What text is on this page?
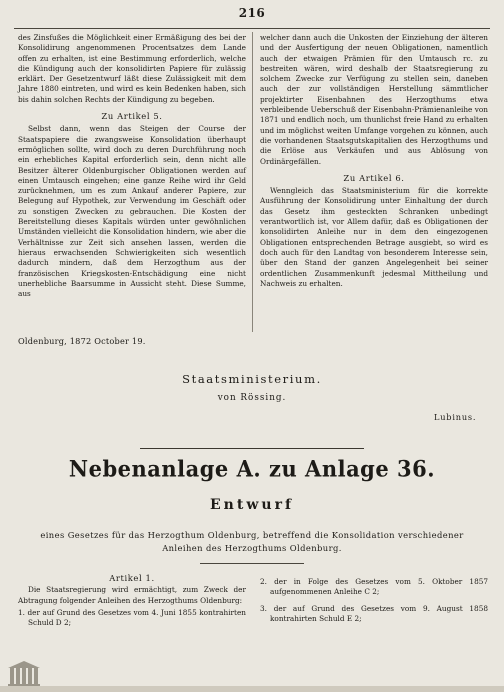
216

des Zinsfußes die Möglichkeit einer Ermäßigung des bei der Konsolidirung angenommenen Procentsatzes dem Lande offen zu erhalten, ist eine Bestimmung erforderlich, welche die Kündigung auch der konsolidirten Papiere für zulässig erklärt. Der Gesetzentwurf läßt diese Zulässigkeit mit dem Jahre 1880 eintreten, und wird es kein Bedenken haben, sich bis dahin solchen Rechts der Kündigung zu begeben.

Zu Artikel 5.

Selbst dann, wenn das Steigen der Course der Staatspapiere die zwangsweise Konsolidation überhaupt ermöglichen sollte, wird doch zu deren Durchführung noch ein erhebliches Kapital erforderlich sein, denn nicht alle Besitzer älterer Oldenburgischer Obligationen werden auf einen Umtausch eingehen; eine ganze Reihe wird ihr Geld zurücknehmen, um es zum Ankauf anderer Papiere, zur Belegung auf Hypothek, zur Verwendung im Geschäft oder zu sonstigen Zwecken zu gebrauchen. Die Kosten der Bereitstellung dieses Kapitals würden unter gewöhnlichen Umständen vielleicht die Konsolidation hindern, wie aber die Verhältnisse zur Zeit sich ansehen lassen, werden die hieraus erwachsenden Schwierigkeiten sich wesentlich dadurch mindern, daß dem Herzogthum aus der französischen Kriegskosten-Entschädigung eine nicht unerhebliche Baarsumme in Aussicht steht. Diese Summe, aus

welcher dann auch die Unkosten der Einziehung der älteren und der Ausfertigung der neuen Obligationen, namentlich auch der etwaigen Prämien für den Umtausch rc. zu bestreiten wären, wird deshalb der Staatsregierung zu solchem Zwecke zur Verfügung zu stellen sein, daneben auch der zur vollständigen Herstellung sämmtlicher projektirter Eisenbahnen des Herzogthums etwa verbleibende Ueberschuß der Eisenbahn-Prämienanleihe von 1871 und endlich noch, um thunlichst freie Hand zu erhalten und im möglichst weiten Umfange vorgehen zu können, auch die vorhandenen Staatsgutskapitalien des Herzogthums und die Erlöse aus Verkäufen und aus Ablösung von Ordinärgefällen.

Zu Artikel 6.

Wenngleich das Staatsministerium für die korrekte Ausführung der Konsolidirung unter Einhaltung der durch das Gesetz ihm gesteckten Schranken unbedingt verantwortlich ist, vor Allem dafür, daß es Obligationen der konsolidirten Anleihe nur in dem den eingezogenen Obligationen entsprechenden Betrage ausgiebt, so wird es doch auch für den Landtag von besonderem Interesse sein, über den Stand der ganzen Angelegenheit bei seiner ordentlichen Zusammenkunft jedesmal Mittheilung und Nachweis zu erhalten.

Oldenburg, 1872 October 19.
Staatsministerium.
von Rössing.
Lubinus.
Nebenanlage A. zu Anlage 36.
Entwurf
eines Gesetzes für das Herzogthum Oldenburg, betreffend die Konsolidation verschiedener Anleihen des Herzogthums Oldenburg.
Artikel 1.

Die Staatsregierung wird ermächtigt, zum Zweck der Abtragung folgender Anleihen des Herzogthums Oldenburg:

1. der auf Grund des Gesetzes vom 4. Juni 1855 kontrahirten Schuld D 2;

2. der in Folge des Gesetzes vom 5. Oktober 1857 aufgenommenen Anleihe C 2;

3. der auf Grund des Gesetzes vom 9. August 1858 kontrahirten Schuld E 2;
